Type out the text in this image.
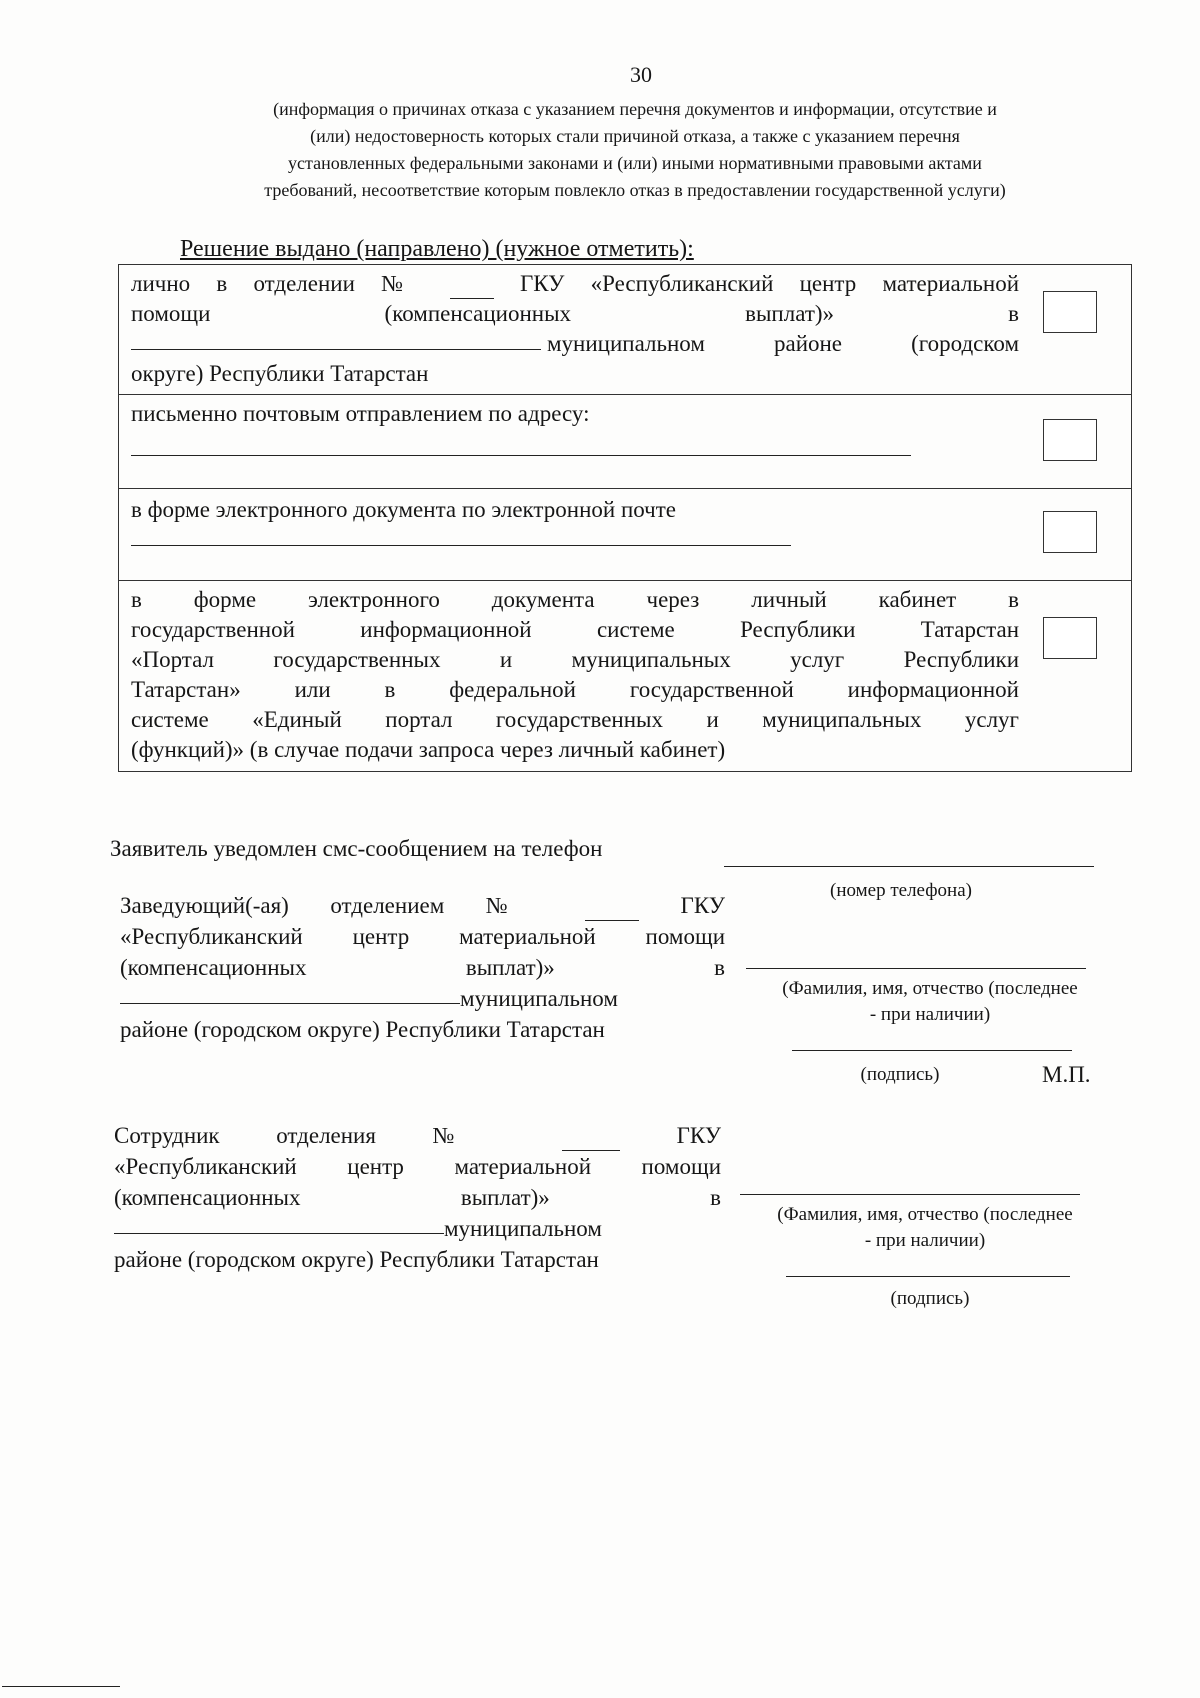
30
(информация о причинах отказа с указанием перечня документов и информации, отсутствие и
(или) недостоверность которых стали причиной отказа, а также с указанием перечня
установленных федеральными законами и (или) иными нормативными правовыми актами
требований, несоответствие которым повлекло отказ в предоставлении государственной услуги)
Решение выдано (направлено) (нужное отметить):
лично в отделении №	ГКУ «Республиканский центр материальной
помощи (компенсационных выплат)» в
муниципальном районе (городском
округе) Республики Татарстан
письменно почтовым отправлением по адресу:
в форме электронного документа по электронной почте
в форме электронного документа через личный кабинет в
государственной информационной системе Республики Татарстан
«Портал государственных и муниципальных услуг Республики
Татарстан» или в федеральной государственной информационной
системе «Единый портал государственных и муниципальных услуг
(функций)» (в случае подачи запроса через личный кабинет)
Заявитель уведомлен смс-сообщением на телефон
(номер телефона)
Заведующий(-ая) отделением №	ГКУ
«Республиканский центр материальной помощи
(компенсационных выплат)» в
муниципальном
районе (городском округе) Республики Татарстан
(Фамилия, имя, отчество (последнее
- при наличии)
(подпись)	М.П.
Сотрудник отделения №	ГКУ
«Республиканский центр материальной помощи
(компенсационных выплат)» в
муниципальном
районе (городском округе) Республики Татарстан
(Фамилия, имя, отчество (последнее
- при наличии)
(подпись)
